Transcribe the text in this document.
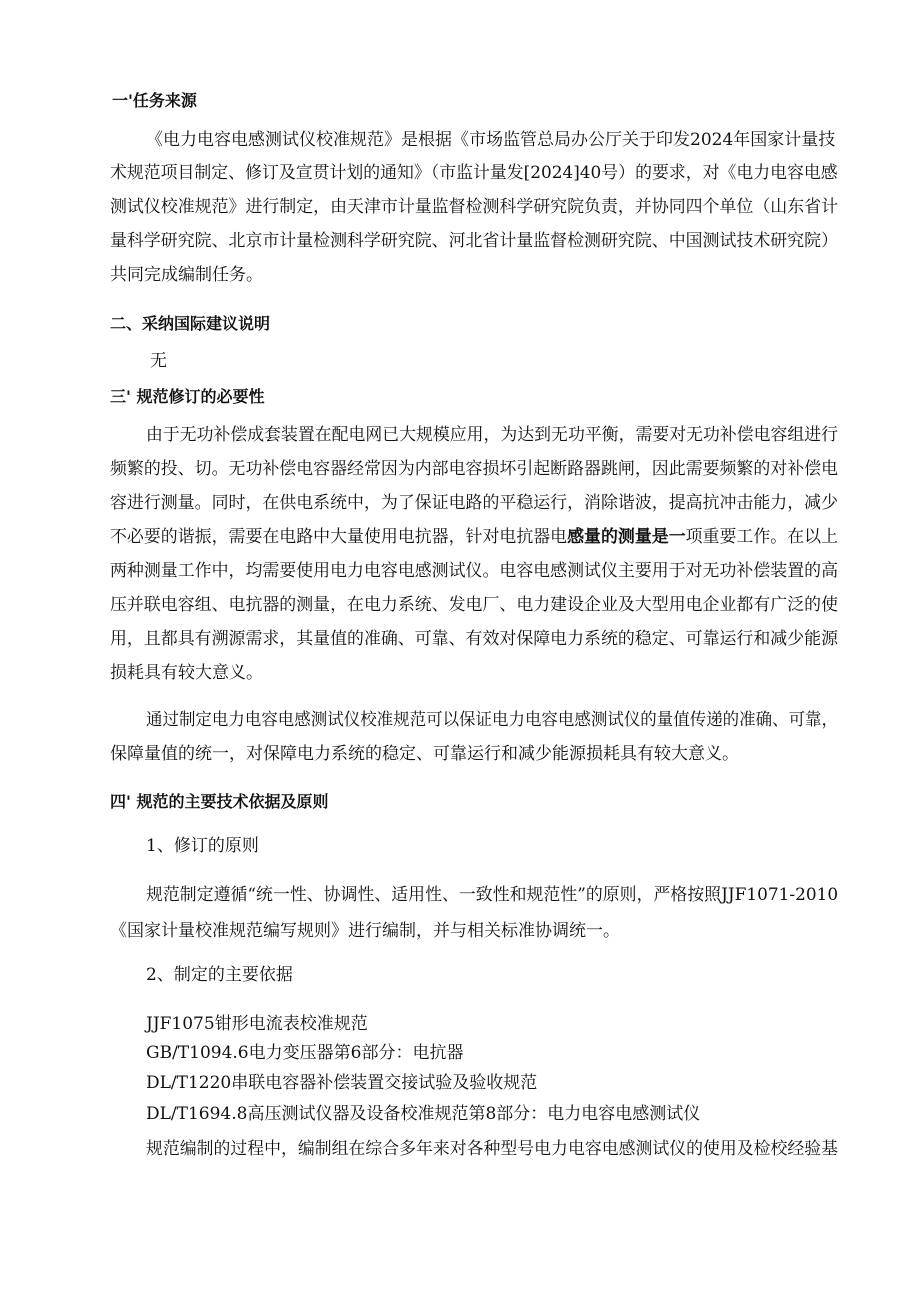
一'任务来源
《电力电容电感测试仪校准规范》是根据《市场监管总局办公厅关于印发2024年国家计量技
术规范项目制定、修订及宣贯计划的通知》（市监计量发[2024]40号）的要求，对《电力电容电感
测试仪校准规范》进行制定，由天津市计量监督检测科学研究院负责，并协同四个单位（山东省计
量科学研究院、北京市计量检测科学研究院、河北省计量监督检测研究院、中国测试技术研究院）
共同完成编制任务。
二、采纳国际建议说明
无
三' 规范修订的必要性
由于无功补偿成套装置在配电网已大规模应用，为达到无功平衡，需要对无功补偿电容组进行
频繁的投、切。无功补偿电容器经常因为内部电容损坏引起断路器跳闸，因此需要频繁的对补偿电
容进行测量。同时，在供电系统中，为了保证电路的平稳运行，消除谐波，提高抗冲击能力，减少
不必要的谐振，需要在电路中大量使用电抗器，针对电抗器电感量的测量是一项重要工作。在以上
两种测量工作中，均需要使用电力电容电感测试仪。电容电感测试仪主要用于对无功补偿装置的高
压并联电容组、电抗器的测量，在电力系统、发电厂、电力建设企业及大型用电企业都有广泛的使
用，且都具有溯源需求，其量值的准确、可靠、有效对保障电力系统的稳定、可靠运行和减少能源
损耗具有较大意义。
通过制定电力电容电感测试仪校准规范可以保证电力电容电感测试仪的量值传递的准确、可靠，
保障量值的统一，对保障电力系统的稳定、可靠运行和减少能源损耗具有较大意义。
四' 规范的主要技术依据及原则
1、修订的原则
规范制定遵循“统一性、协调性、适用性、一致性和规范性”的原则，严格按照JJF1071-2010
《国家计量校准规范编写规则》进行编制，并与相关标准协调统一。
2、制定的主要依据
JJF1075钳形电流表校准规范
GB/T1094.6电力变压器第6部分：电抗器
DL/T1220串联电容器补偿装置交接试验及验收规范
DL/T1694.8高压测试仪器及设备校准规范第8部分：电力电容电感测试仪
规范编制的过程中，编制组在综合多年来对各种型号电力电容电感测试仪的使用及检校经验基
